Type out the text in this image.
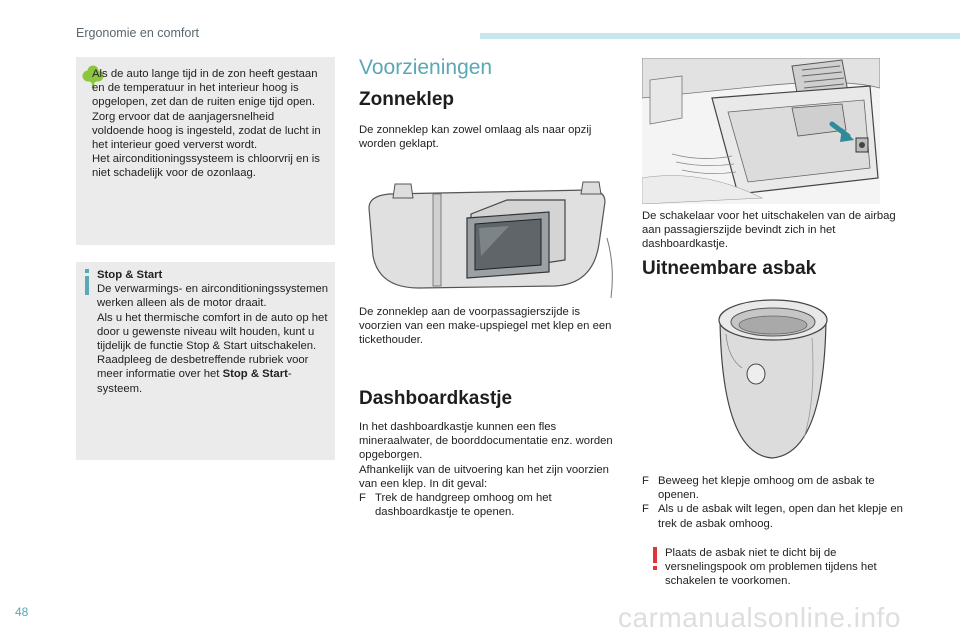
Ergonomie en comfort
Als de auto lange tijd in de zon heeft gestaan en de temperatuur in het interieur hoog is opgelopen, zet dan de ruiten enige tijd open.
Zorg ervoor dat de aanjagersnelheid voldoende hoog is ingesteld, zodat de lucht in het interieur goed ververst wordt.
Het airconditioningssysteem is chloorvrij en is niet schadelijk voor de ozonlaag.
Stop & Start
De verwarmings- en airconditioningssystemen werken alleen als de motor draait.
Als u het thermische comfort in de auto op het door u gewenste niveau wilt houden, kunt u tijdelijk de functie Stop & Start uitschakelen.
Raadpleeg de desbetreffende rubriek voor meer informatie over het Stop & Start-systeem.
Voorzieningen
Zonneklep
De zonneklep kan zowel omlaag als naar opzij worden geklapt.
De zonneklep aan de voorpassagierszijde is voorzien van een make-upspiegel met klep en een tickethouder.
Dashboardkastje
In het dashboardkastje kunnen een fles mineraalwater, de boorddocumentatie enz. worden opgeborgen.
Afhankelijk van de uitvoering kan het zijn voorzien van een klep. In dit geval:
F Trek de handgreep omhoog om het dashboardkastje te openen.
De schakelaar voor het uitschakelen van de airbag aan passagierszijde bevindt zich in het dashboardkastje.
Uitneembare asbak
F Beweeg het klepje omhoog om de asbak te openen.
F Als u de asbak wilt legen, open dan het klepje en trek de asbak omhoog.
Plaats de asbak niet te dicht bij de versnelingspook om problemen tijdens het schakelen te voorkomen.
48	carmanualsonline.info
